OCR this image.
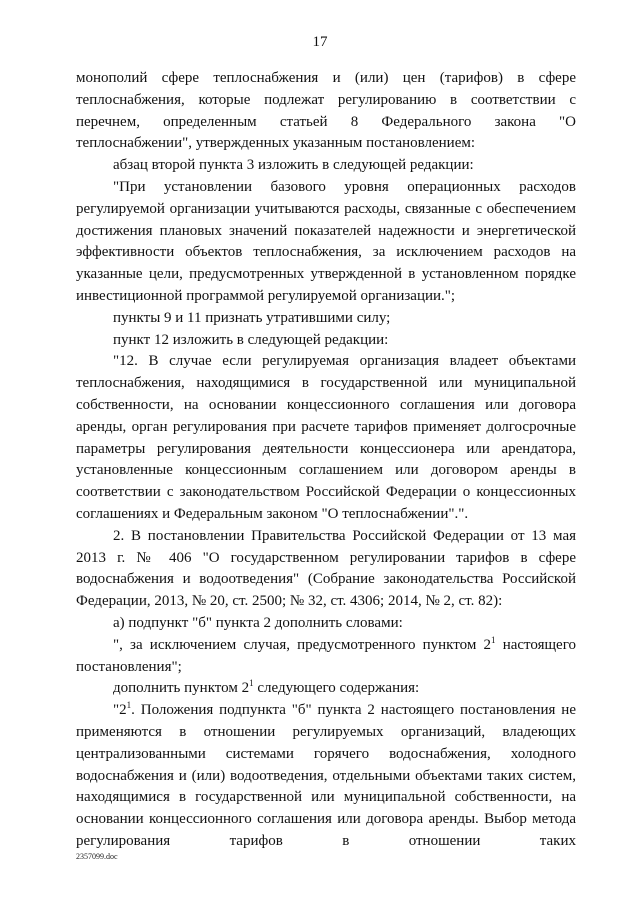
17

монополий сфере теплоснабжения и (или) цен (тарифов) в сфере теплоснабжения, которые подлежат регулированию в соответствии с перечнем, определенным статьей 8 Федерального закона "О теплоснабжении", утвержденных указанным постановлением:

абзац второй пункта 3 изложить в следующей редакции:

"При установлении базового уровня операционных расходов регулируемой организации учитываются расходы, связанные с обеспечением достижения плановых значений показателей надежности и энергетической эффективности объектов теплоснабжения, за исключением расходов на указанные цели, предусмотренных утвержденной в установленном порядке инвестиционной программой регулируемой организации.";

пункты 9 и 11 признать утратившими силу;

пункт 12 изложить в следующей редакции:

"12. В случае если регулируемая организация владеет объектами теплоснабжения, находящимися в государственной или муниципальной собственности, на основании концессионного соглашения или договора аренды, орган регулирования при расчете тарифов применяет долгосрочные параметры регулирования деятельности концессионера или арендатора, установленные концессионным соглашением или договором аренды в соответствии с законодательством Российской Федерации о концессионных соглашениях и Федеральным законом "О теплоснабжении".".

2. В постановлении Правительства Российской Федерации от 13 мая 2013 г. № 406 "О государственном регулировании тарифов в сфере водоснабжения и водоотведения" (Собрание законодательства Российской Федерации, 2013, № 20, ст. 2500; № 32, ст. 4306; 2014, № 2, ст. 82):

а) подпункт "б" пункта 2 дополнить словами:

", за исключением случая, предусмотренного пунктом $2^1$ настоящего постановления";

дополнить пунктом $2^1$ следующего содержания:

"$2^1$. Положения подпункта "б" пункта 2 настоящего постановления не применяются в отношении регулируемых организаций, владеющих централизованными системами горячего водоснабжения, холодного водоснабжения и (или) водоотведения, отдельными объектами таких систем, находящимися в государственной или муниципальной собственности, на основании концессионного соглашения или договора аренды. Выбор метода регулирования тарифов в отношении таких

2357099.doc
